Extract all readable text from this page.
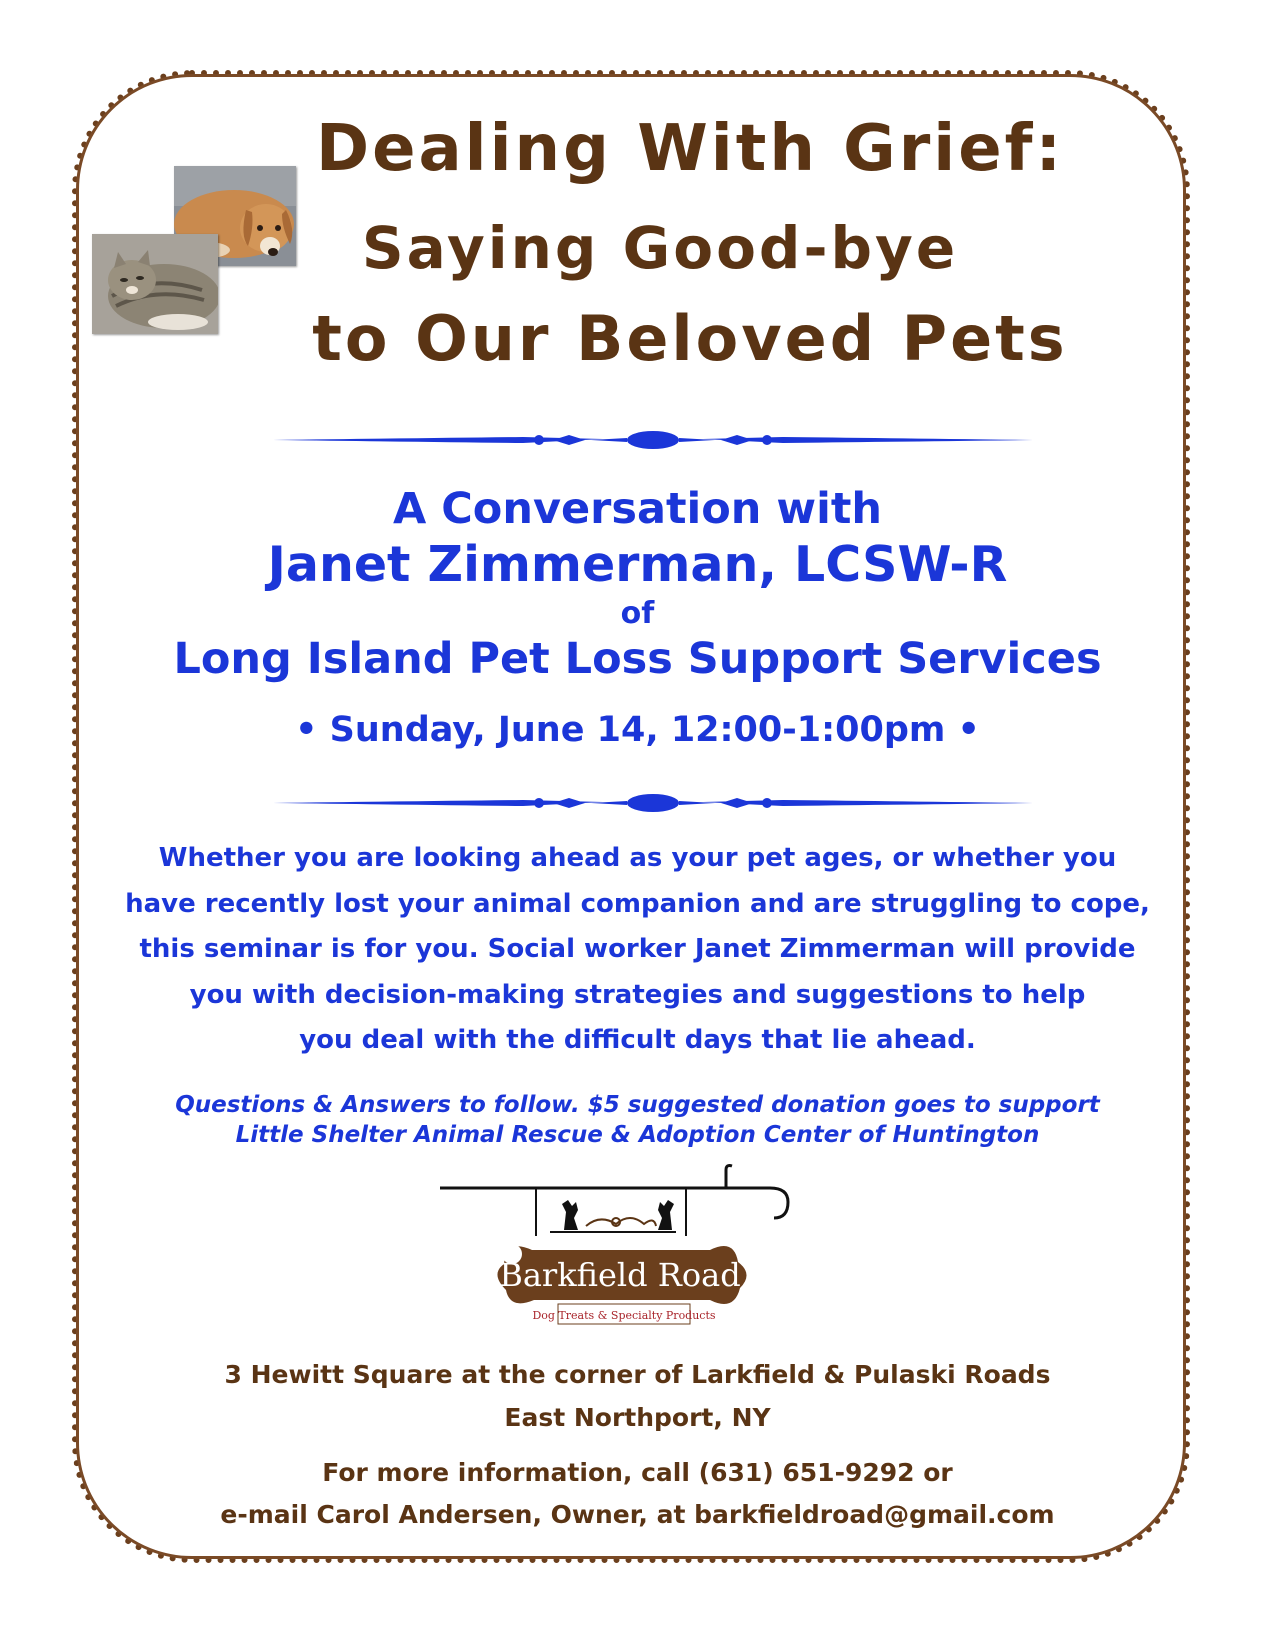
Dealing With Grief:
Saying Good-bye
to Our Beloved Pets

A Conversation with

Janet Zimmerman, LCSW-R

of

Long Island Pet Loss Support Services

• Sunday, June 14, 12:00-1:00pm •

Whether you are looking ahead as your pet ages, or whether you
have recently lost your animal companion and are struggling to cope,
this seminar is for you. Social worker Janet Zimmerman will provide
you with decision-making strategies and suggestions to help
you deal with the difficult days that lie ahead.

Questions & Answers to follow. $5 suggested donation goes to support

Little Shelter Animal Rescue & Adoption Center of Huntington

Barkfield Road
Dog Treats & Specialty Products

3 Hewitt Square at the corner of Larkfield & Pulaski Roads

East Northport, NY

For more information, call (631) 651-9292 or

e-mail Carol Andersen, Owner, at barkfieldroad@gmail.com
